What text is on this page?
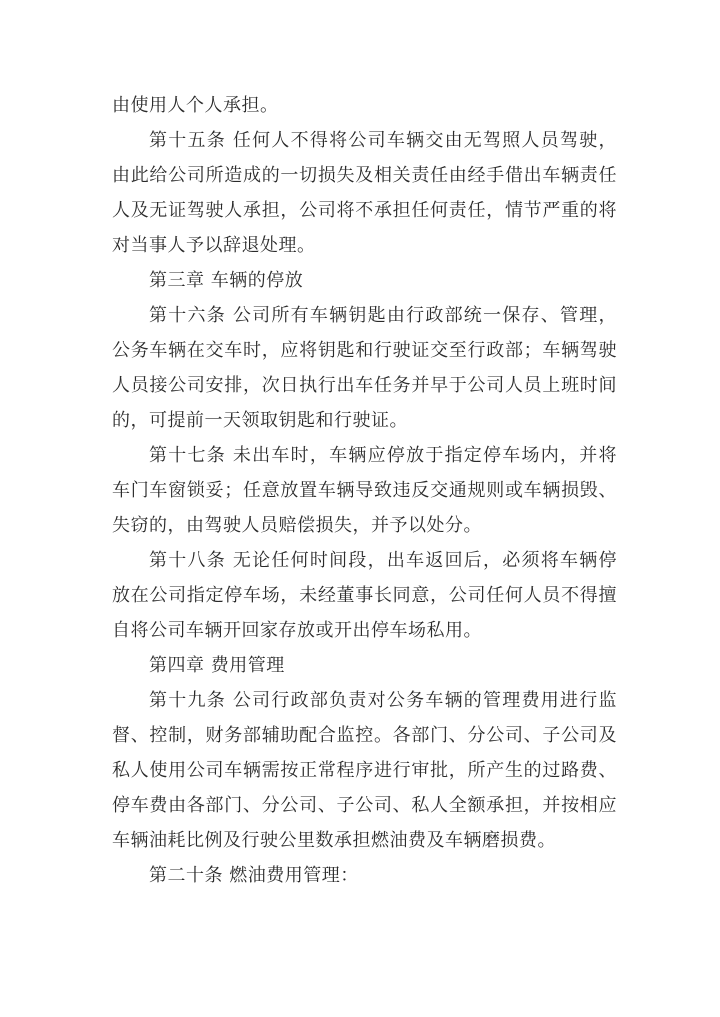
由使用人个人承担。

第十五条 任何人不得将公司车辆交由无驾照人员驾驶，由此给公司所造成的一切损失及相关责任由经手借出车辆责任人及无证驾驶人承担，公司将不承担任何责任，情节严重的将对当事人予以辞退处理。

第三章 车辆的停放

第十六条 公司所有车辆钥匙由行政部统一保存、管理，公务车辆在交车时，应将钥匙和行驶证交至行政部；车辆驾驶人员接公司安排，次日执行出车任务并早于公司人员上班时间的，可提前一天领取钥匙和行驶证。

第十七条 未出车时，车辆应停放于指定停车场内，并将车门车窗锁妥；任意放置车辆导致违反交通规则或车辆损毁、失窃的，由驾驶人员赔偿损失，并予以处分。

第十八条 无论任何时间段，出车返回后，必须将车辆停放在公司指定停车场，未经董事长同意，公司任何人员不得擅自将公司车辆开回家存放或开出停车场私用。

第四章 费用管理

第十九条 公司行政部负责对公务车辆的管理费用进行监督、控制，财务部辅助配合监控。各部门、分公司、子公司及私人使用公司车辆需按正常程序进行审批，所产生的过路费、停车费由各部门、分公司、子公司、私人全额承担，并按相应车辆油耗比例及行驶公里数承担燃油费及车辆磨损费。

第二十条 燃油费用管理：
